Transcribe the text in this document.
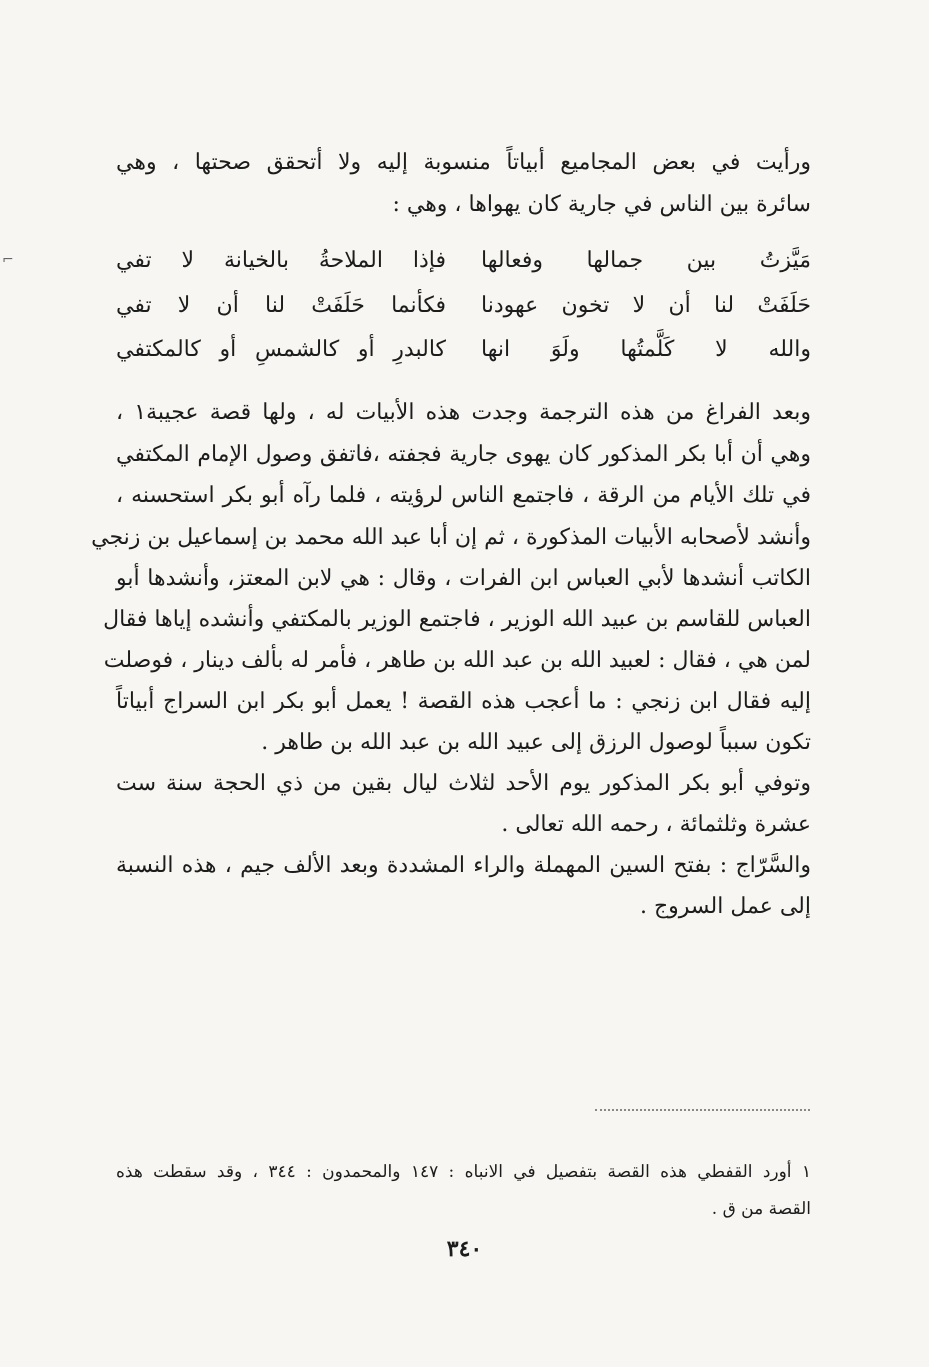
⌐

ورأيت في بعض المجاميع أبياتاً منسوبة إليه ولا أتحقق صحتها ، وهي

سائرة بين الناس في جارية كان يهواها ، وهي :

مَيَّزتُ بين جمالها وفعالها
فإذا الملاحةُ بالخيانة لا تفي
حَلَفَتْ لنا أن لا تخون عهودنا
فكأنما حَلَفَتْ لنا أن لا تفي
والله لا كَلَّمتُها ولَوَ انها
كالبدرِ أو كالشمسِ أو كالمكتفي

وبعد الفراغ من هذه الترجمة وجدت هذه الأبيات له ، ولها قصة عجيبة١ ،

وهي أن أبا بكر المذكور كان يهوى جارية فجفته ،فاتفق وصول الإمام المكتفي

في تلك الأيام من الرقة ، فاجتمع الناس لرؤيته ، فلما رآه أبو بكر استحسنه ،

وأنشد لأصحابه الأبيات المذكورة ، ثم إن أبا عبد الله محمد بن إسماعيل بن زنجي

الكاتب أنشدها لأبي العباس ابن الفرات ، وقال : هي لابن المعتز، وأنشدها أبو

العباس للقاسم بن عبيد الله الوزير ، فاجتمع الوزير بالمكتفي وأنشده إياها فقال

لمن هي ، فقال : لعبيد الله بن عبد الله بن طاهر ، فأمر له بألف دينار ، فوصلت

إليه فقال ابن زنجي : ما أعجب هذه القصة ! يعمل أبو بكر ابن السراج أبياتاً

تكون سبباً لوصول الرزق إلى عبيد الله بن عبد الله بن طاهر .

وتوفي أبو بكر المذكور يوم الأحد لثلاث ليال بقين من ذي الحجة سنة ست

عشرة وثلثمائة ، رحمه الله تعالى .

والسَّرّاج : بفتح السين المهملة والراء المشددة وبعد الألف جيم ، هذه النسبة

إلى عمل السروج .

١ أورد القفطي هذه القصة بتفصيل في الانباه : ١٤٧ والمحمدون : ٣٤٤ ، وقد سقطت هذه

القصة من ق .

٣٤٠
